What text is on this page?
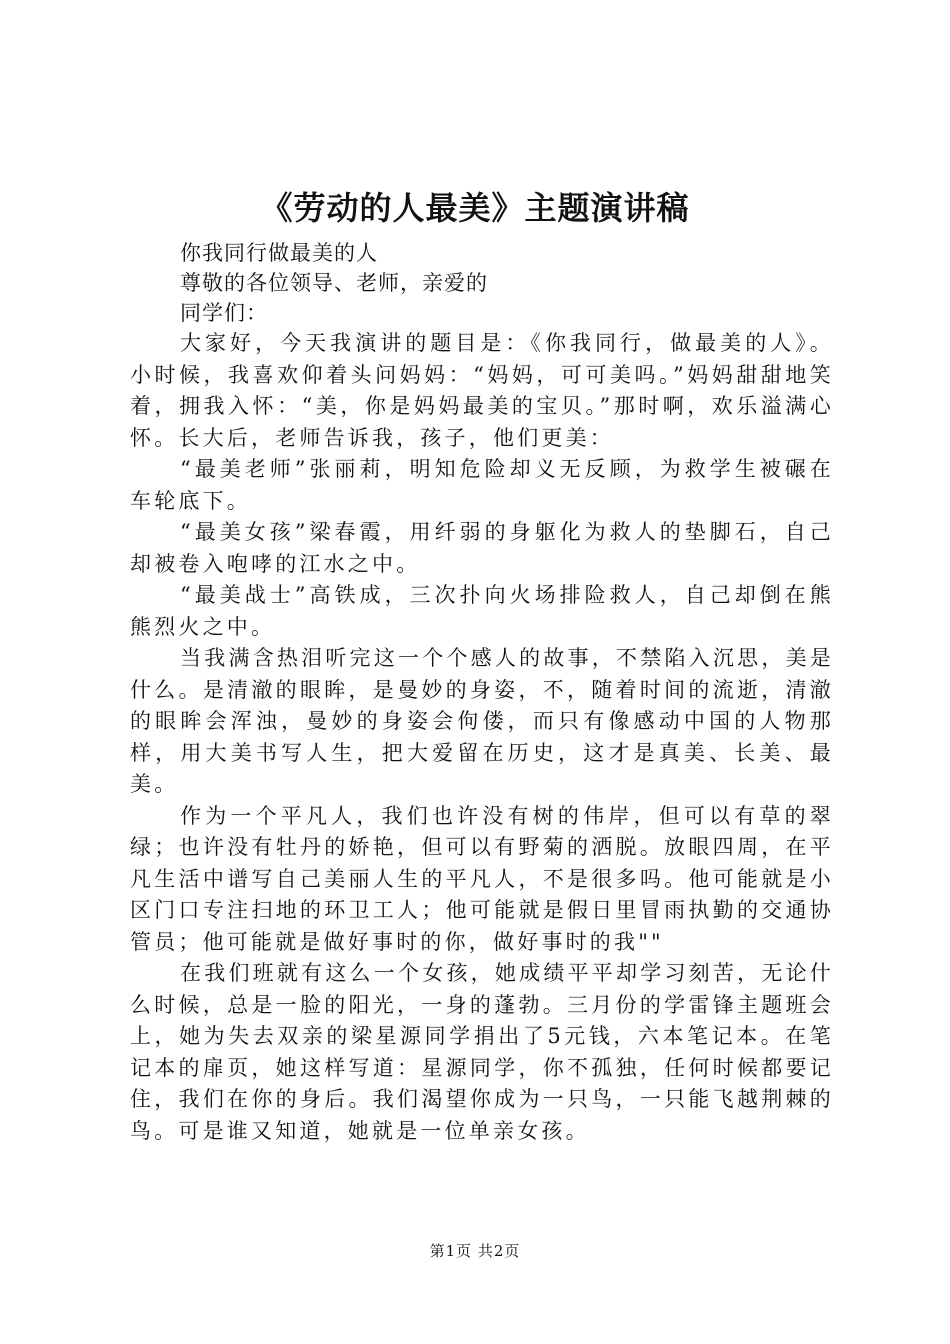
《劳动的人最美》主题演讲稿
你我同行做最美的人
尊敬的各位领导、老师，亲爱的
同学们：

大家好，今天我演讲的题目是：《你我同行，做最美的人》。小时候，我喜欢仰着头问妈妈：“妈妈，可可美吗。”妈妈甜甜地笑着，拥我入怀：“美，你是妈妈最美的宝贝。”那时啊，欢乐溢满心怀。长大后，老师告诉我，孩子，他们更美：

“最美老师”张丽莉，明知危险却义无反顾，为救学生被碾在车轮底下。

“最美女孩”梁春霞，用纤弱的身躯化为救人的垫脚石，自己却被卷入咆哮的江水之中。

“最美战士”高铁成，三次扑向火场排险救人，自己却倒在熊熊烈火之中。

当我满含热泪听完这一个个感人的故事，不禁陷入沉思，美是什么。是清澈的眼眸，是曼妙的身姿，不，随着时间的流逝，清澈的眼眸会浑浊，曼妙的身姿会佝偻，而只有像感动中国的人物那样，用大美书写人生，把大爱留在历史，这才是真美、长美、最美。

作为一个平凡人，我们也许没有树的伟岸，但可以有草的翠绿；也许没有牡丹的娇艳，但可以有野菊的洒脱。放眼四周，在平凡生活中谱写自己美丽人生的平凡人，不是很多吗。他可能就是小区门口专注扫地的环卫工人；他可能就是假日里冒雨执勤的交通协管员；他可能就是做好事时的你，做好事时的我""

在我们班就有这么一个女孩，她成绩平平却学习刻苦，无论什么时候，总是一脸的阳光，一身的蓬勃。三月份的学雷锋主题班会上，她为失去双亲的梁星源同学捐出了5元钱，六本笔记本。在笔记本的扉页，她这样写道：星源同学，你不孤独，任何时候都要记住，我们在你的身后。我们渴望你成为一只鸟，一只能飞越荆棘的鸟。可是谁又知道，她就是一位单亲女孩。

第1页 共2页
